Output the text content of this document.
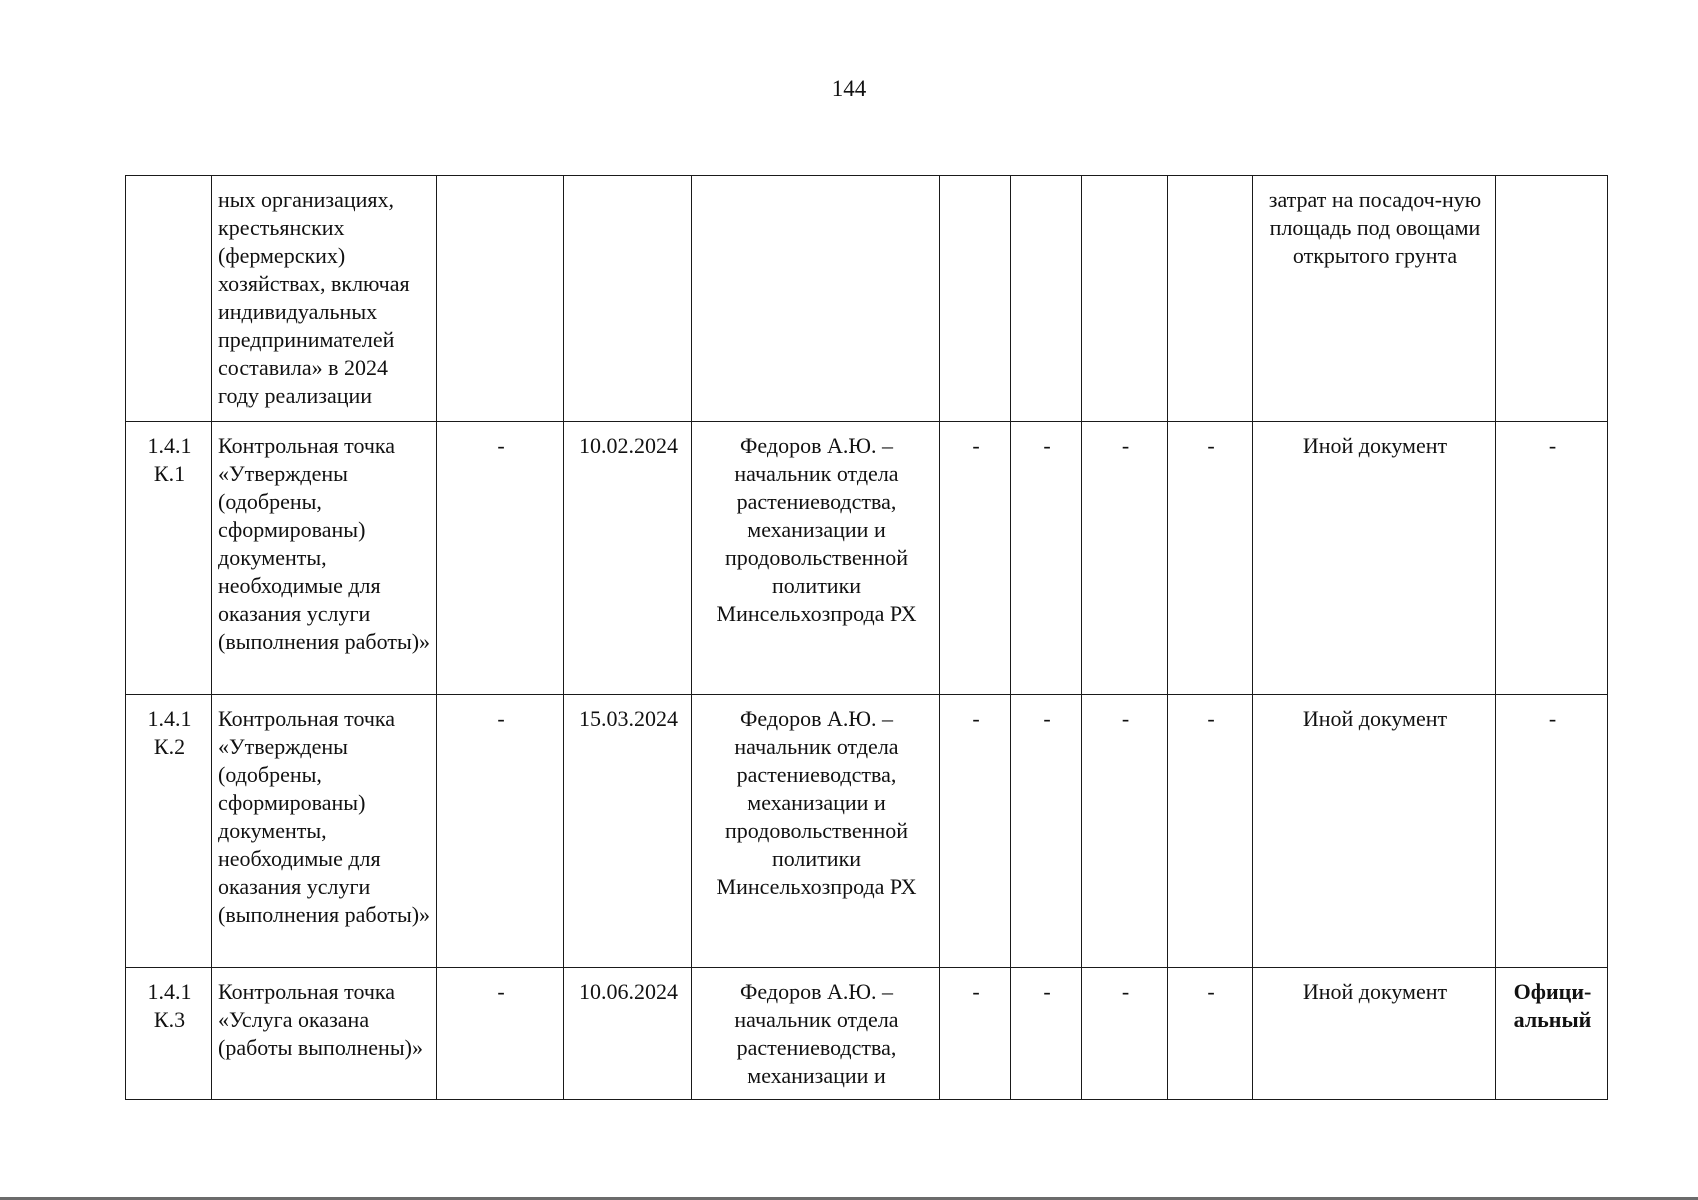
144
	ных организациях, крестьянских (фермерских) хозяйствах, включая индивидуальных предпринимателей составила» в 2024 году реализации								затрат на посадоч-ную площадь под овощами открытого грунта	
1.4.1 К.1	Контрольная точка «Утверждены (одобрены, сформированы) документы, необходимые для оказания услуги (выполнения работы)»	-	10.02.2024	Федоров А.Ю. – начальник отдела растениеводства, механизации и продовольственной политики Минсельхозпрода РХ	-	-	-	-	Иной документ	-
1.4.1 К.2	Контрольная точка «Утверждены (одобрены, сформированы) документы, необходимые для оказания услуги (выполнения работы)»	-	15.03.2024	Федоров А.Ю. – начальник отдела растениеводства, механизации и продовольственной политики Минсельхозпрода РХ	-	-	-	-	Иной документ	-
1.4.1 К.3	Контрольная точка «Услуга оказана (работы выполнены)»	-	10.06.2024	Федоров А.Ю. – начальник отдела растениеводства, механизации и	-	-	-	-	Иной документ	Офици-альный
